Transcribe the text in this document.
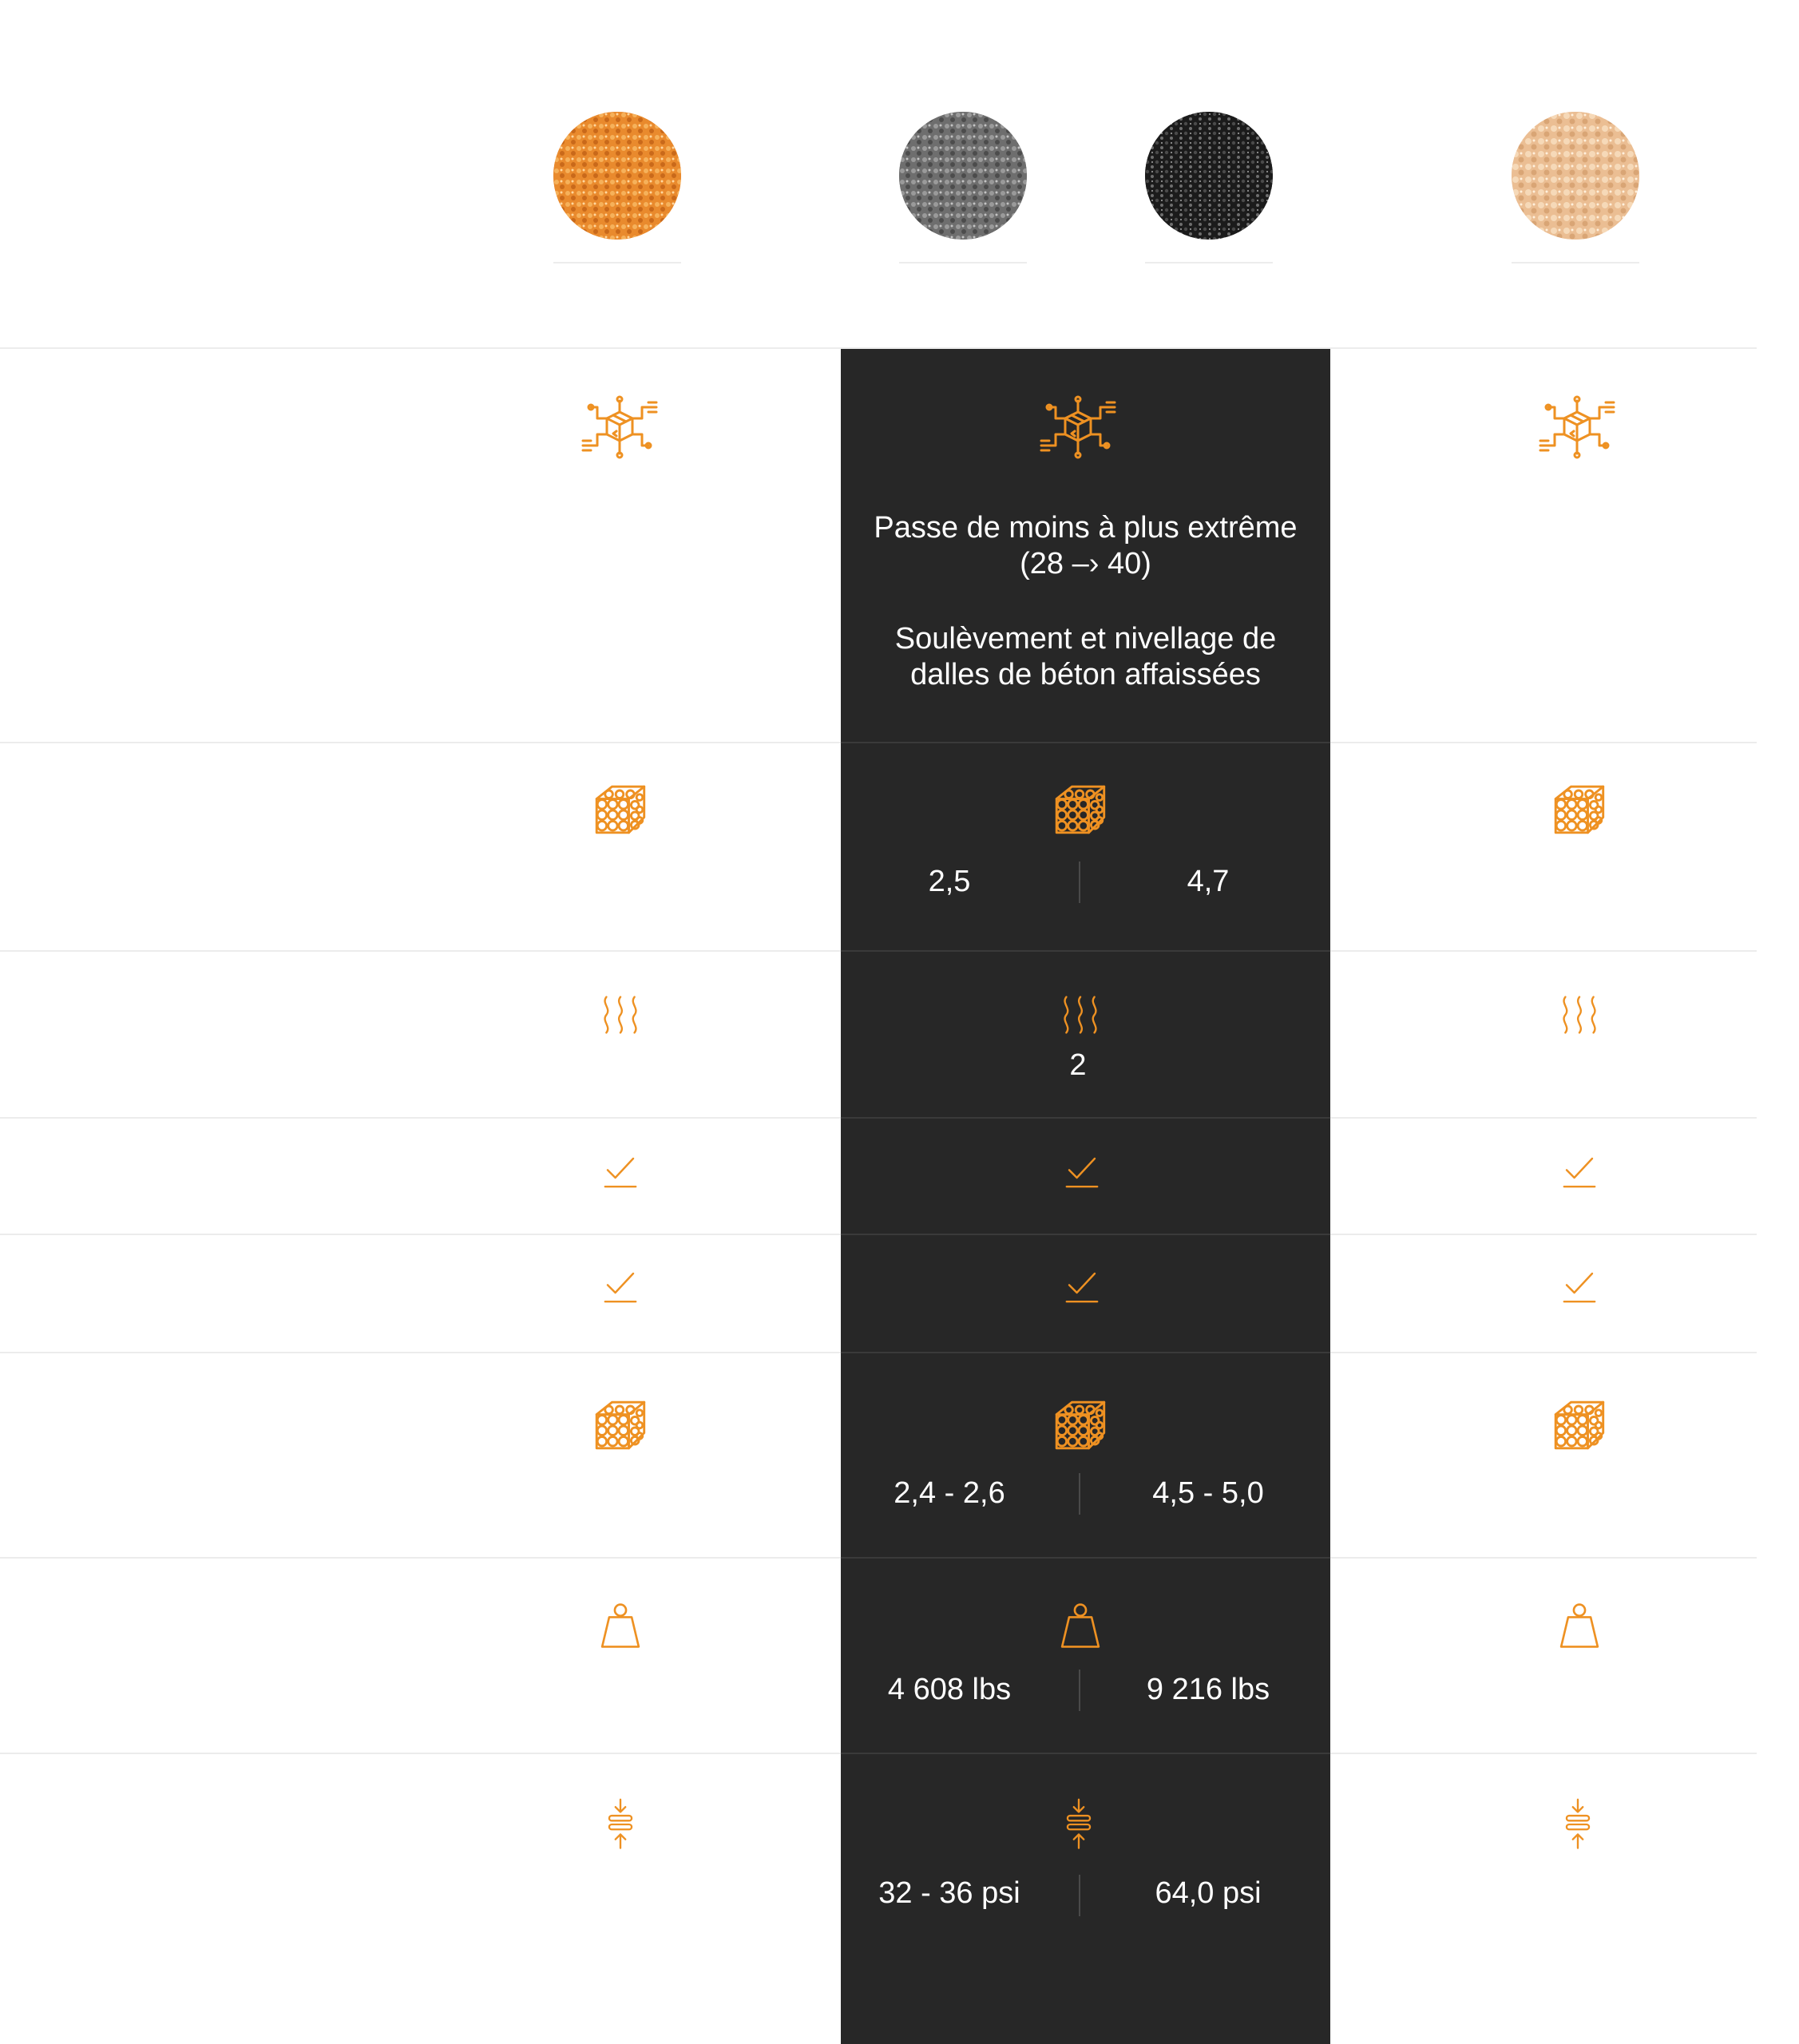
Passe de moins à plus extrême
(28 –› 40)
Soulèvement et nivellage de
dalles de béton affaissées
2,5	4,7
2
2,4 - 2,6	4,5 - 5,0
4 608 lbs	9 216 lbs
32 - 36 psi	64,0 psi
